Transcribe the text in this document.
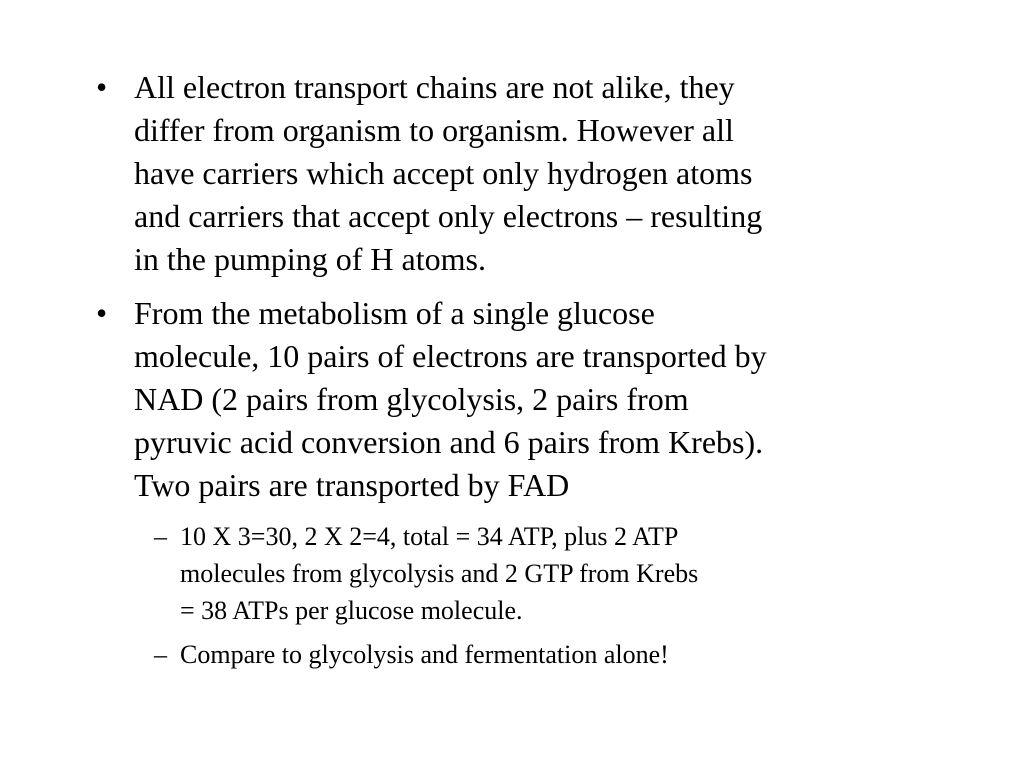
• All electron transport chains are not alike, they
differ from organism to organism. However all
have carriers which accept only hydrogen atoms
and carriers that accept only electrons – resulting
in the pumping of H atoms.
• From the metabolism of a single glucose
molecule, 10 pairs of electrons are transported by
NAD (2 pairs from glycolysis, 2 pairs from
pyruvic acid conversion and 6 pairs from Krebs).
Two pairs are transported by FAD
– 10 X 3=30, 2 X 2=4, total = 34 ATP, plus 2 ATP
molecules from glycolysis and 2 GTP from Krebs
= 38 ATPs per glucose molecule.
– Compare to glycolysis and fermentation alone!
